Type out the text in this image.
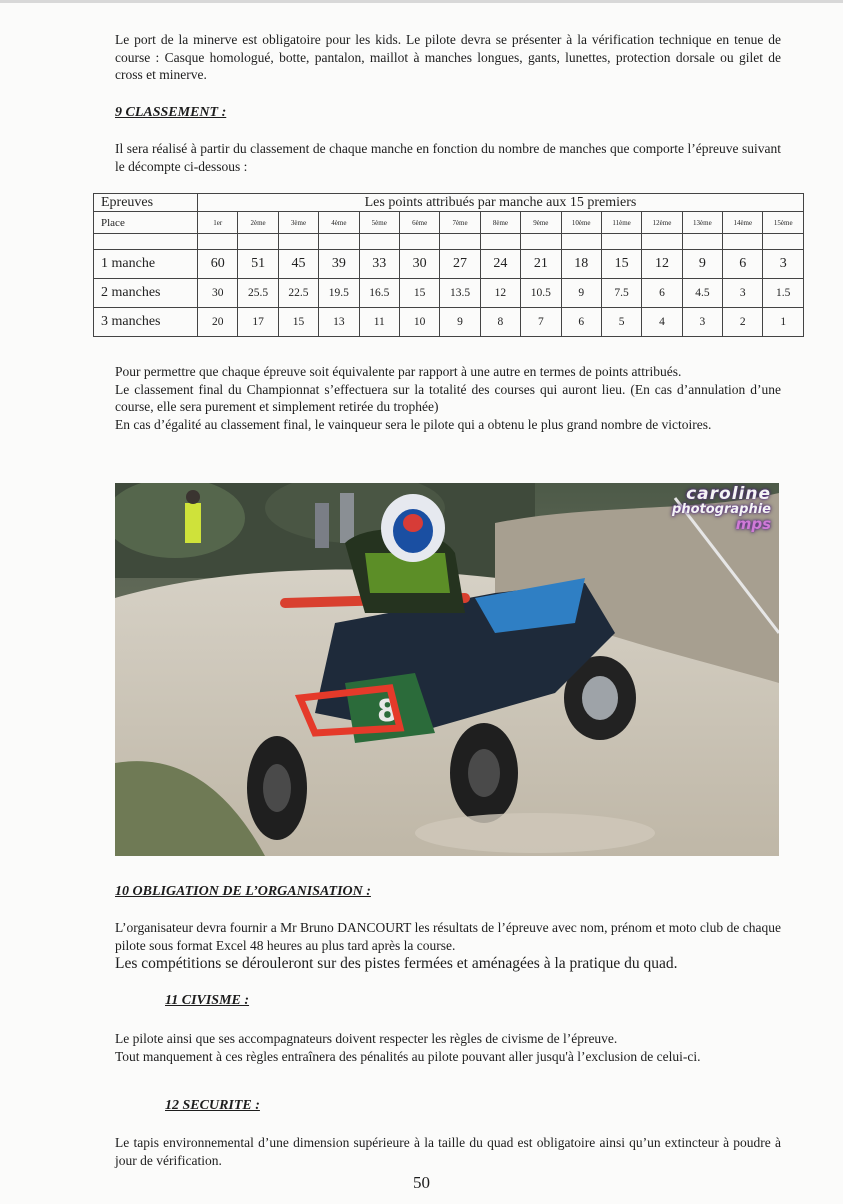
Le port de la minerve est obligatoire pour les kids. Le pilote devra se présenter à la vérification technique en tenue de course : Casque homologué, botte, pantalon, maillot à manches longues, gants, lunettes, protection dorsale ou gilet de cross et minerve.

9 CLASSEMENT :

Il sera réalisé à partir du classement de chaque manche en fonction du nombre de manches que comporte l’épreuve suivant le décompte ci-dessous :

Epreuves	Les points attribués par manche aux 15 premiers														
Place	1er	2ème	3ème	4ème	5ème	6ème	7ème	8ème	9ème	10ème	11ème	12ème	13ème	14ème	15ème

1 manche	60	51	45	39	33	30	27	24	21	18	15	12	9	6	3
2 manches	30	25.5	22.5	19.5	16.5	15	13.5	12	10.5	9	7.5	6	4.5	3	1.5
3 manches	20	17	15	13	11	10	9	8	7	6	5	4	3	2	1

Pour permettre que chaque épreuve soit équivalente par rapport à une autre en termes de points attribués.

Le classement final du Championnat s’effectuera sur la totalité des courses qui auront lieu. (En cas d’annulation d’une course, elle sera purement et simplement retirée du trophée)

En cas d’égalité au classement final, le vainqueur sera le pilote qui a obtenu le plus grand nombre de victoires.

8
caroline
photographie
mps
10 OBLIGATION DE L’ORGANISATION :

L’organisateur devra fournir a Mr Bruno DANCOURT les résultats de l’épreuve avec nom, prénom et moto club de chaque pilote sous format Excel 48 heures au plus tard après la course.

Les compétitions se dérouleront sur des pistes fermées et aménagées à la pratique du quad.

11 CIVISME :

Le pilote ainsi que ses accompagnateurs doivent respecter les règles de civisme de l’épreuve.

Tout manquement à ces règles entraînera des pénalités au pilote pouvant aller jusqu'à l’exclusion de celui-ci.

12 SECURITE :

Le tapis environnemental d’une dimension supérieure à la taille du quad est obligatoire ainsi qu’un extincteur à poudre à jour de vérification.

50
